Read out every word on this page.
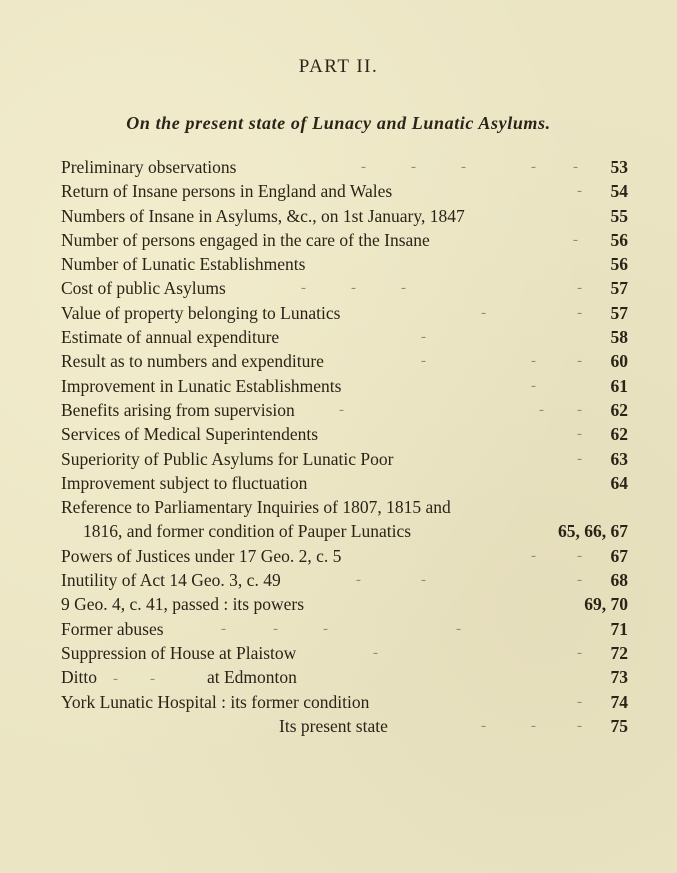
PART II.
On the present state of Lunacy and Lunatic Asylums.
Preliminary observations	-	-	-	- - 53
Return of Insane persons in England and Wales	- 54
Numbers of Insane in Asylums, &c., on 1st January, 1847	55
Number of persons engaged in the care of the Insane	- 56
Number of Lunatic Establishments	56
Cost of public Asylums	-	-	-	- 57
Value of property belonging to Lunatics	-	- 57
Estimate of annual expenditure	-	58
Result as to numbers and expenditure	-	-	- 60
Improvement in Lunatic Establishments	-	61
Benefits arising from supervision	-	- - 62
Services of Medical Superintendents	- 62
Superiority of Public Asylums for Lunatic Poor	- 63
Improvement subject to fluctuation	64
Reference to Parliamentary Inquiries of 1807, 1815 and
1816, and former condition of Pauper Lunatics	65, 66, 67
Powers of Justices under 17 Geo. 2, c. 5	-	- 67
Inutility of Act 14 Geo. 3, c. 49	-	-	- 68
9 Geo. 4, c. 41, passed : its powers	69, 70
Former abuses	-	-	-	-	71
Suppression of House at Plaistow	-	- 72
Ditto - -	at Edmonton	73
York Lunatic Hospital : its former condition	- 74
Its present state	-	-	- 75
